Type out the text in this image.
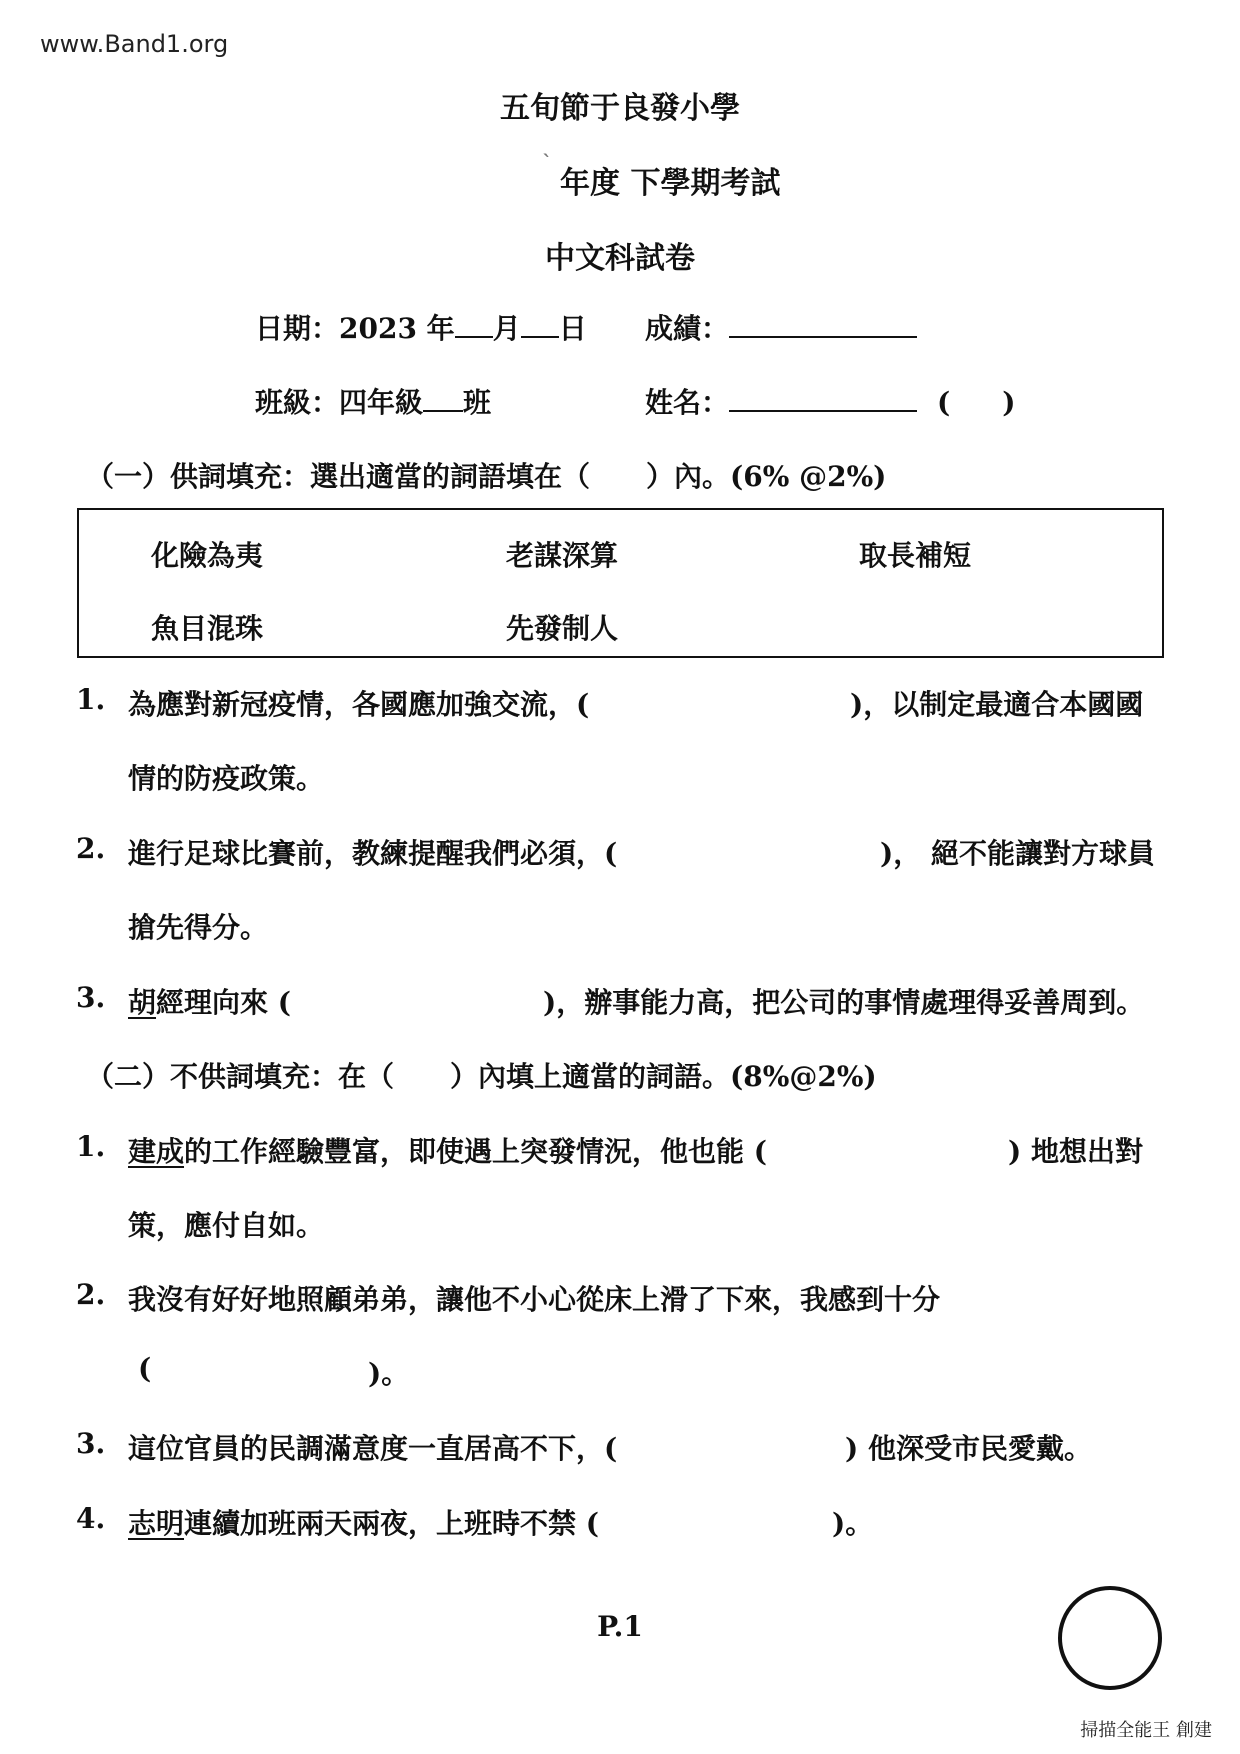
www.Band1.org
五旬節于良發小學
`
年度 下學期考試
中文科試卷
日期：2023 年 月 日 成績：
班級：四年級 班	姓名：	( )
（一）供詞填充：選出適當的詞語填在（　　）內。(6% @2%)
化險為夷	老謀深算	取長補短
魚目混珠	先發制人
1. 為應對新冠疫情，各國應加強交流，(	)，以制定最適合本國國
情的防疫政策。
2. 進行足球比賽前，教練提醒我們必須，(	)， 絕不能讓對方球員
搶先得分。
3. 胡經理向來 (	)，辦事能力高，把公司的事情處理得妥善周到。
（二）不供詞填充：在（　　）內填上適當的詞語。(8%@2%)
1. 建成的工作經驗豐富，即使遇上突發情況，他也能 (	) 地想出對
策，應付自如。
2. 我沒有好好地照顧弟弟，讓他不小心從床上滑了下來，我感到十分
(	)。
3. 這位官員的民調滿意度一直居高不下，(	) 他深受市民愛戴。
4. 志明連續加班兩天兩夜，上班時不禁 (	)。
P.1
掃描全能王 創建
